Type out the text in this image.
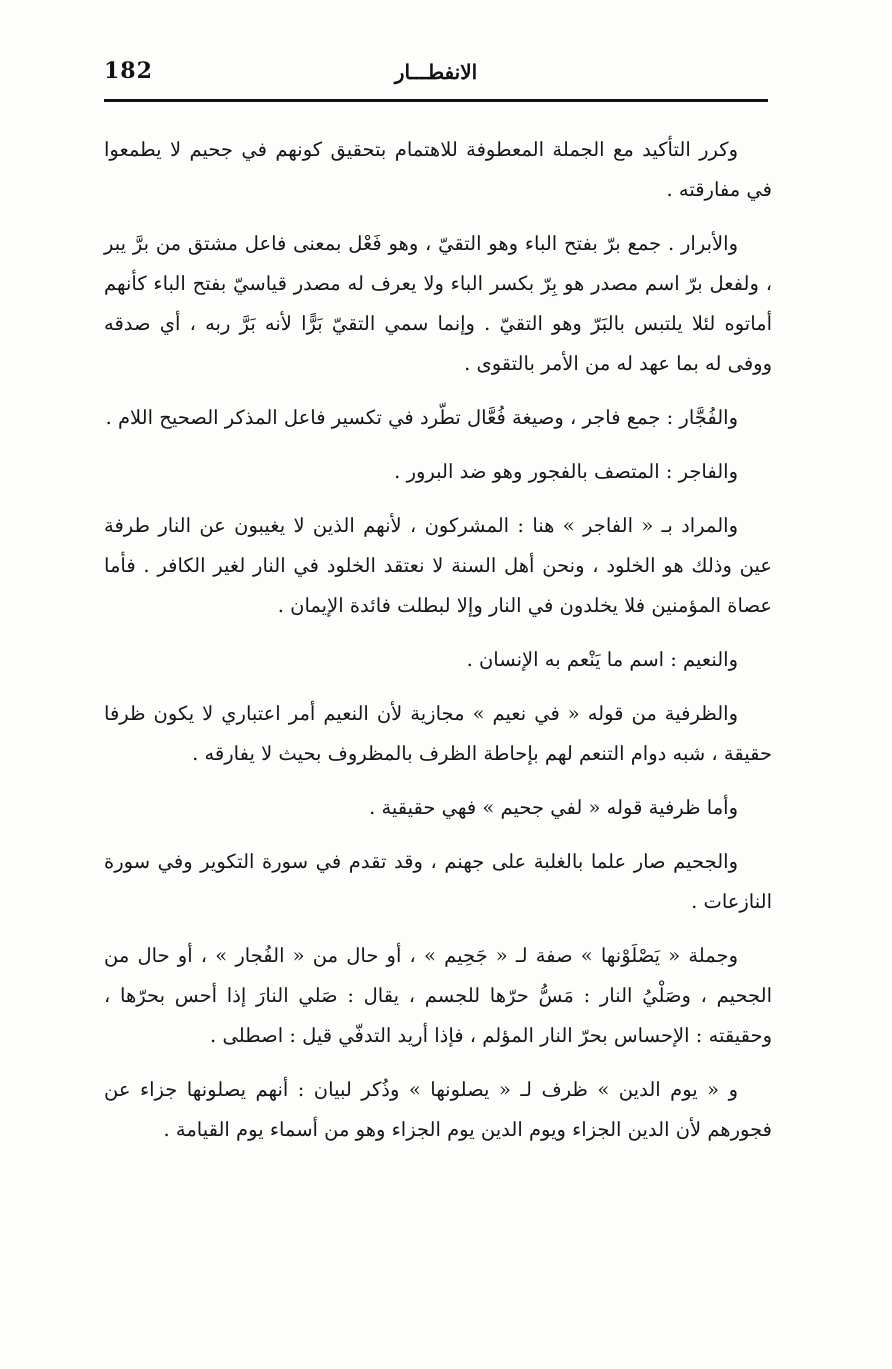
182	الانفطـــار

وكرر التأكيد مع الجملة المعطوفة للاهتمام بتحقيق كونهم في جحيم لا يطمعوا في مفارقته .

والأبرار . جمع برّ بفتح الباء وهو التقيّ ، وهو فَعْل بمعنى فاعل مشتق من برَّ يبر ، ولفعل برّ اسم مصدر هو بِرّ بكسر الباء ولا يعرف له مصدر قياسيّ بفتح الباء كأنهم أماتوه لئلا يلتبس بالبَرّ وهو التقيّ . وإنما سمي التقيّ بَرًّا لأنه بَرَّ ربه ، أي صدقه ووفى له بما عهد له من الأمر بالتقوى .

والفُجَّار : جمع فاجر ، وصيغة فُعَّال تطّرد في تكسير فاعل المذكر الصحيح اللام .

والفاجر : المتصف بالفجور وهو ضد البرور .

والمراد بـ « الفاجر » هنا : المشركون ، لأنهم الذين لا يغيبون عن النار طرفة عين وذلك هو الخلود ، ونحن أهل السنة لا نعتقد الخلود في النار لغير الكافر . فأما عصاة المؤمنين فلا يخلدون في النار وإلا لبطلت فائدة الإيمان .

والنعيم : اسم ما يَنْعم به الإنسان .

والظرفية من قوله « في نعيم » مجازية لأن النعيم أمر اعتباري لا يكون ظرفا حقيقة ، شبه دوام التنعم لهم بإحاطة الظرف بالمظروف بحيث لا يفارقه .

وأما ظرفية قوله « لفي جحيم » فهي حقيقية .

والجحيم صار علما بالغلبة على جهنم ، وقد تقدم في سورة التكوير وفي سورة النازعات .

وجملة « يَصْلَوْنها » صفة لـ « جَحِيم » ، أو حال من « الفُجار » ، أو حال من الجحيم ، وصَلْيُ النار : مَسُّ حرّها للجسم ، يقال : صَلي النارَ إذا أحس بحرّها ، وحقيقته : الإحساس بحرّ النار المؤلم ، فإذا أريد التدفّي قيل : اصطلى .

و « يوم الدين » ظرف لـ « يصلونها » وذُكر لبيان : أنهم يصلونها جزاء عن فجورهم لأن الدين الجزاء ويوم الدين يوم الجزاء وهو من أسماء يوم القيامة .
